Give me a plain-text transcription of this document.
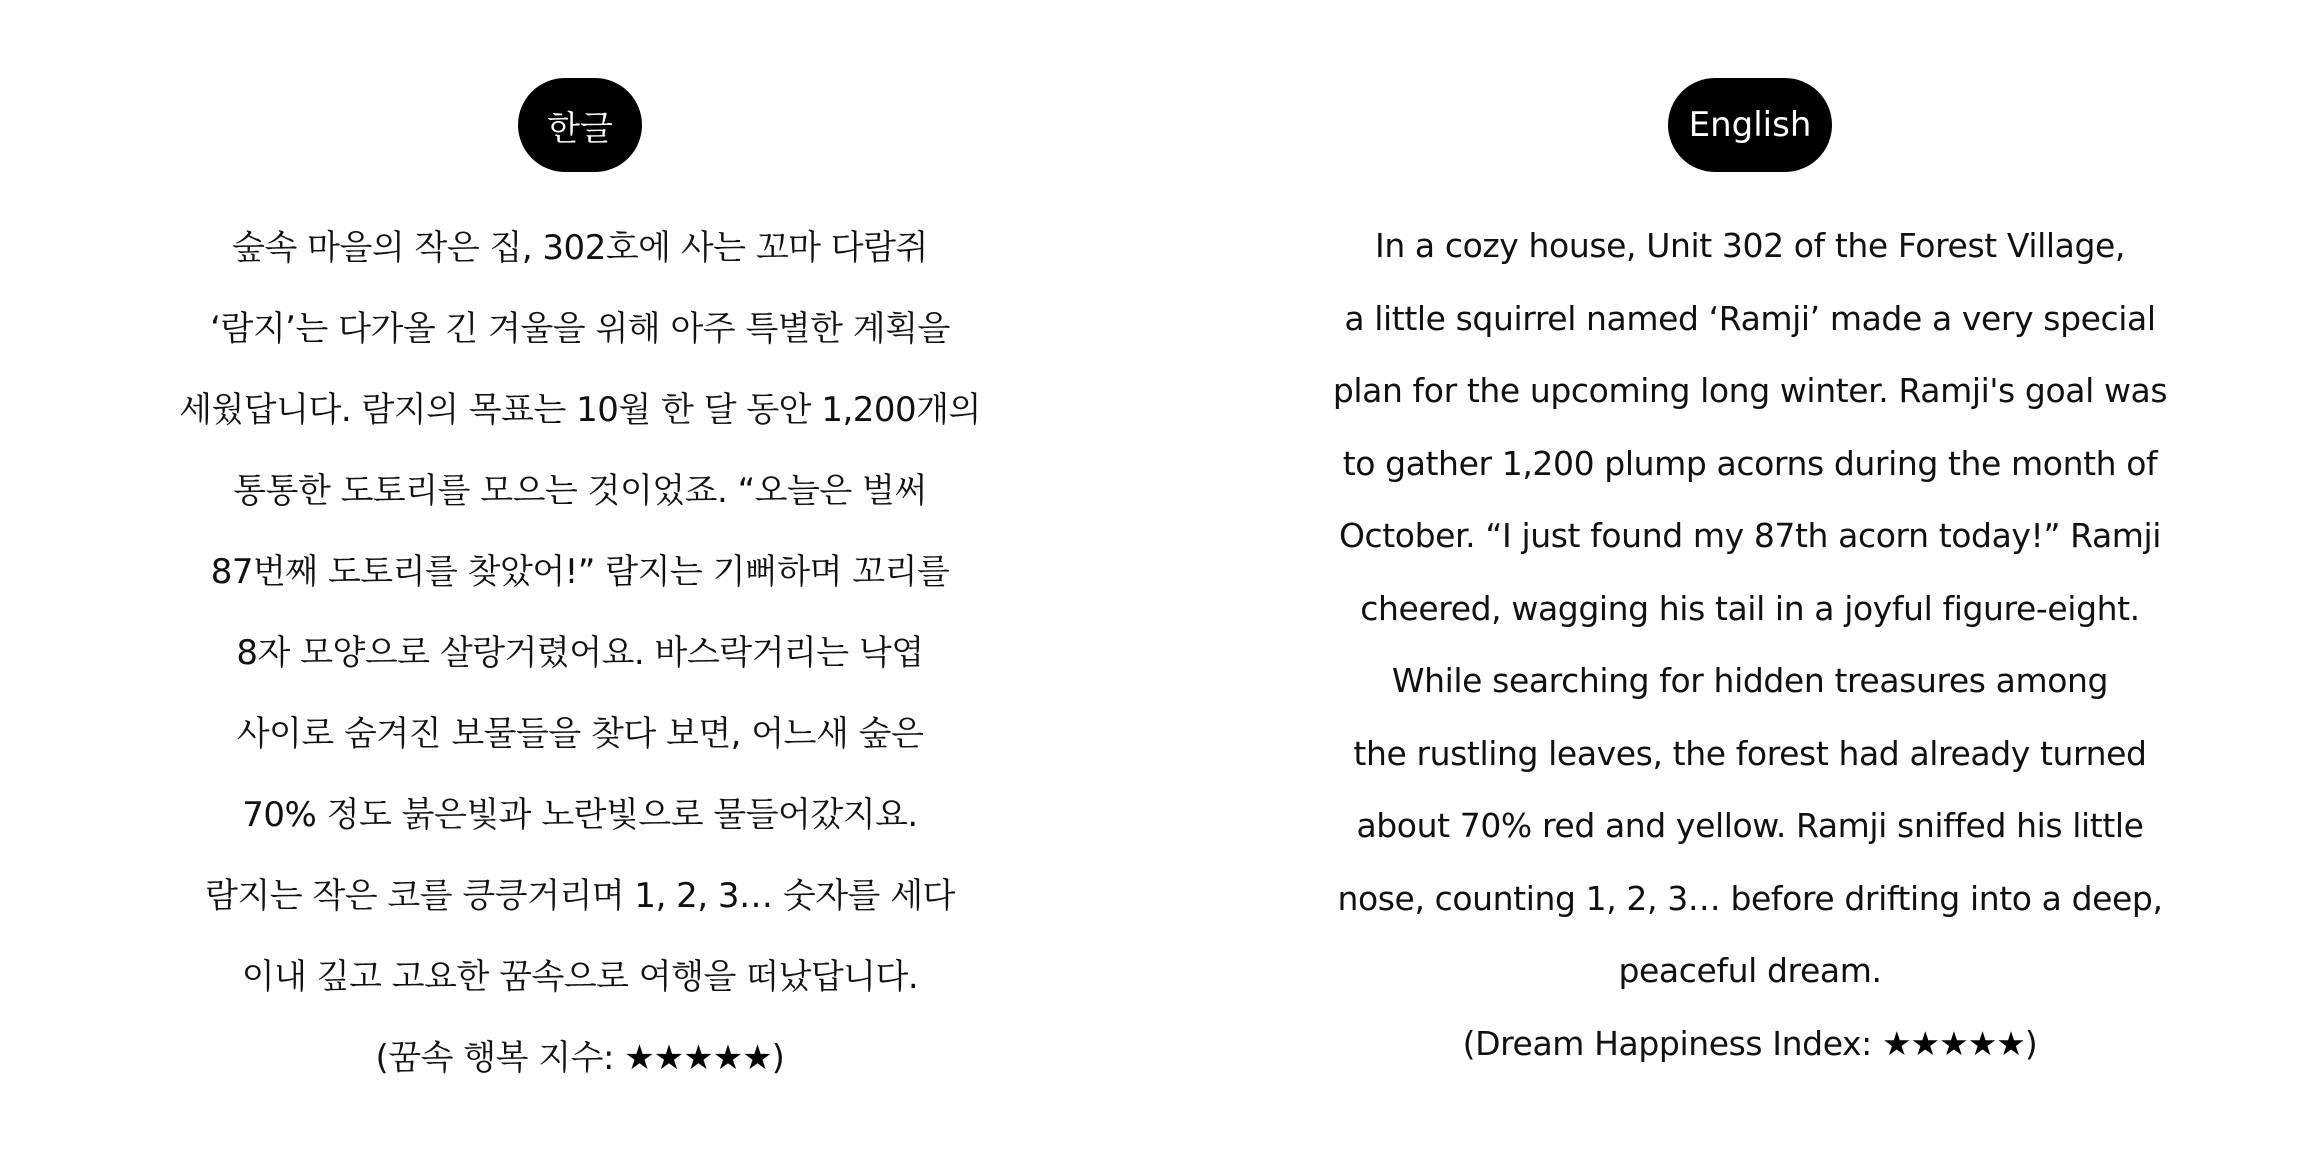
한글
숲속 마을의 작은 집, 302호에 사는 꼬마 다람쥐
‘람지’는 다가올 긴 겨울을 위해 아주 특별한 계획을
세웠답니다. 람지의 목표는 10월 한 달 동안 1,200개의
통통한 도토리를 모으는 것이었죠. “오늘은 벌써
87번째 도토리를 찾았어!” 람지는 기뻐하며 꼬리를
8자 모양으로 살랑거렸어요. 바스락거리는 낙엽
사이로 숨겨진 보물들을 찾다 보면, 어느새 숲은
70% 정도 붉은빛과 노란빛으로 물들어갔지요.
람지는 작은 코를 킁킁거리며 1, 2, 3… 숫자를 세다
이내 깊고 고요한 꿈속으로 여행을 떠났답니다.
(꿈속 행복 지수: ★★★★★)
English
In a cozy house, Unit 302 of the Forest Village,
a little squirrel named ‘Ramji’ made a very special
plan for the upcoming long winter. Ramji's goal was
to gather 1,200 plump acorns during the month of
October. “I just found my 87th acorn today!” Ramji
cheered, wagging his tail in a joyful figure-eight.
While searching for hidden treasures among
the rustling leaves, the forest had already turned
about 70% red and yellow. Ramji sniffed his little
nose, counting 1, 2, 3… before drifting into a deep,
peaceful dream.
(Dream Happiness Index: ★★★★★)
